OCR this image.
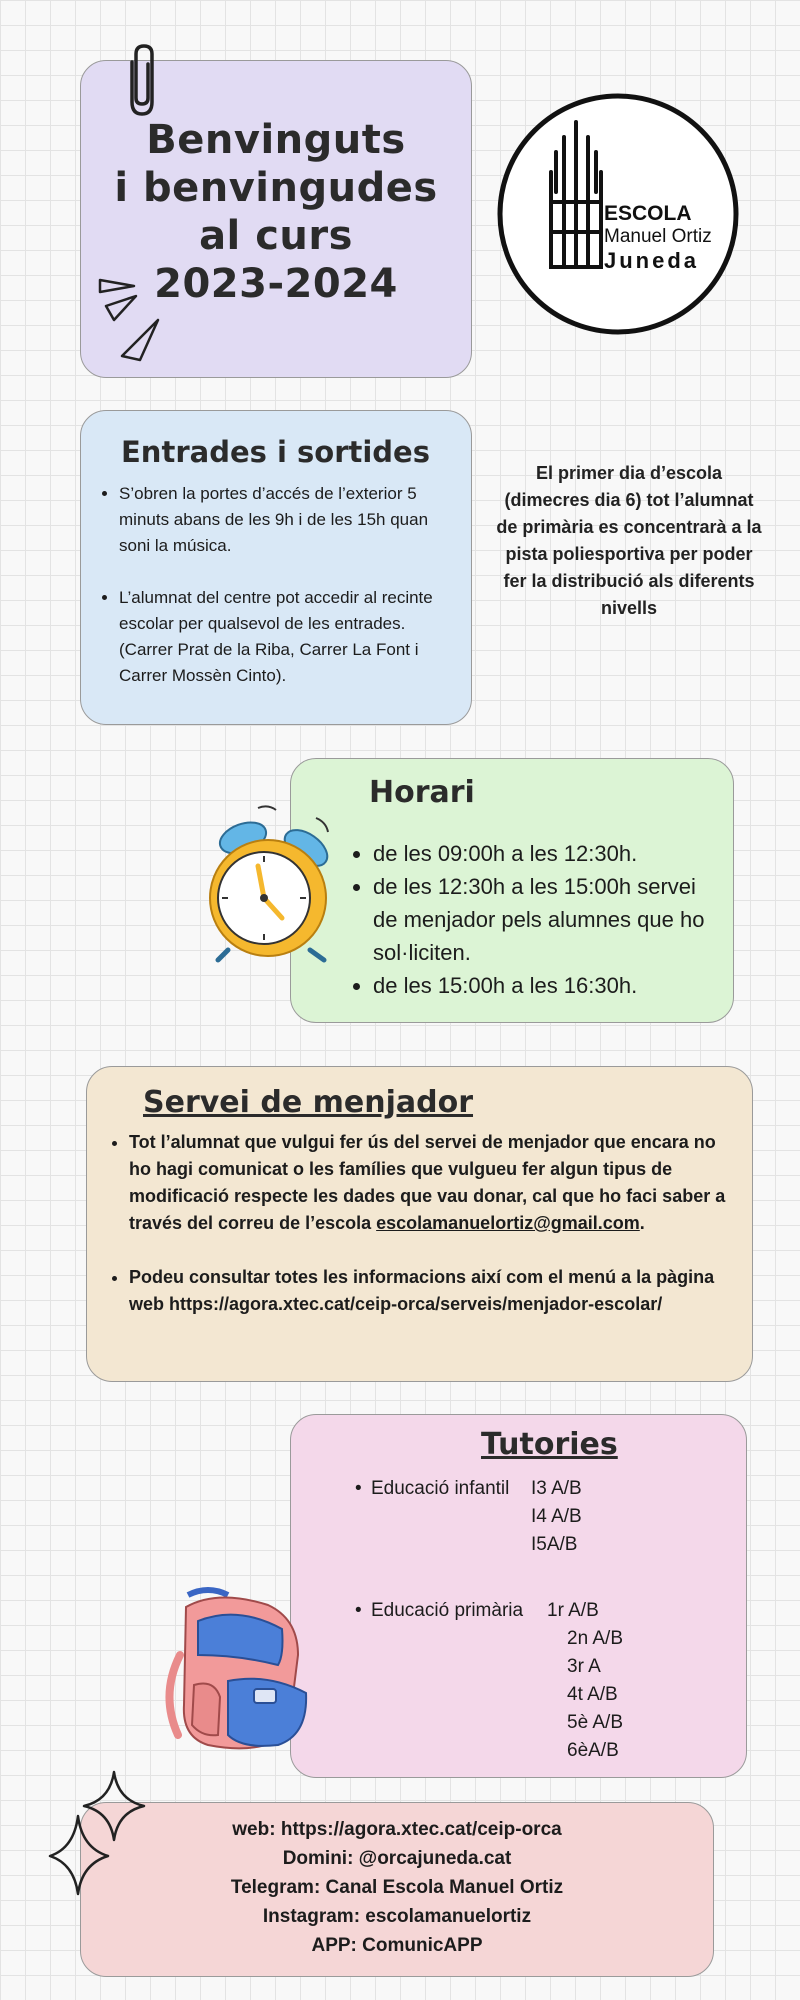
Benvinguts
i benvingudes
al curs
2023-2024
ESCOLA
Manuel Ortiz
Juneda
Entrades i sortides
• S’obren la portes d’accés de l’exterior 5 minuts abans de les 9h i de les 15h quan soni la música.
• L’alumnat del centre pot accedir al recinte escolar per qualsevol de les entrades. (Carrer Prat de la Riba, Carrer La Font i Carrer Mossèn Cinto).
El primer dia d’escola (dimecres dia 6) tot l’alumnat de primària es concentrarà a la pista poliesportiva per poder fer la distribució als diferents nivells
Horari
• de les 09:00h a les 12:30h.
• de les 12:30h a les 15:00h servei de menjador pels alumnes que ho sol·liciten.
• de les 15:00h a les 16:30h.
Servei de menjador
• Tot l’alumnat que vulgui fer ús del servei de menjador que encara no ho hagi comunicat o les famílies que vulgueu fer algun tipus de modificació respecte les dades que vau donar, cal que ho faci saber a través del correu de l’escola escolamanuelortiz@gmail.com.
• Podeu consultar totes les informacions així com el menú a la pàgina web https://agora.xtec.cat/ceip-orca/serveis/menjador-escolar/
Tutories
• Educació infantil I3 A/B
I4 A/B
I5A/B
• Educació primària 1r A/B
2n A/B
3r A
4t A/B
5è A/B
6èA/B
web: https://agora.xtec.cat/ceip-orca
Domini: @orcajuneda.cat
Telegram: Canal Escola Manuel Ortiz
Instagram: escolamanuelortiz
APP: ComunicAPP
